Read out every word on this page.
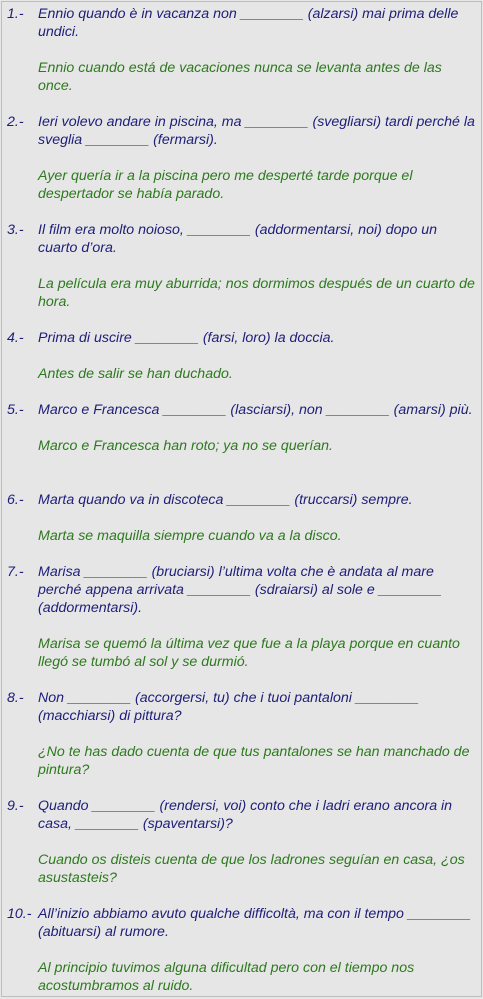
1.- Ennio quando è in vacanza non ________ (alzarsi) mai prima delle undici.
Ennio cuando está de vacaciones nunca se levanta antes de las once.
2.- Ieri volevo andare in piscina, ma ________ (svegliarsi) tardi perché la sveglia ________ (fermarsi).
Ayer quería ir a la piscina pero me desperté tarde porque el despertador se había parado.
3.- Il film era molto noioso, ________ (addormentarsi, noi) dopo un cuarto d’ora.
La película era muy aburrida; nos dormimos después de un cuarto de hora.
4.- Prima di uscire ________ (farsi, loro) la doccia.
Antes de salir se han duchado.
5.- Marco e Francesca ________ (lasciarsi), non ________ (amarsi) più.
Marco e Francesca han roto; ya no se querían.
6.- Marta quando va in discoteca ________ (truccarsi) sempre.
Marta se maquilla siempre cuando va a la disco.
7.- Marisa ________ (bruciarsi) l’ultima volta che è andata al mare perché appena arrivata ________ (sdraiarsi) al sole e ________ (addormentarsi).
Marisa se quemó la última vez que fue a la playa porque en cuanto llegó se tumbó al sol y se durmió.
8.- Non ________ (accorgersi, tu) che i tuoi pantaloni ________ (macchiarsi) di pittura?
¿No te has dado cuenta de que tus pantalones se han manchado de pintura?
9.- Quando ________ (rendersi, voi) conto che i ladri erano ancora in casa, ________ (spaventarsi)?
Cuando os disteis cuenta de que los ladrones seguían en casa, ¿os asustasteis?
10.- All’inizio abbiamo avuto qualche difficoltà, ma con il tempo ________ (abituarsi) al rumore.
Al principio tuvimos alguna dificultad pero con el tiempo nos acostumbramos al ruido.
